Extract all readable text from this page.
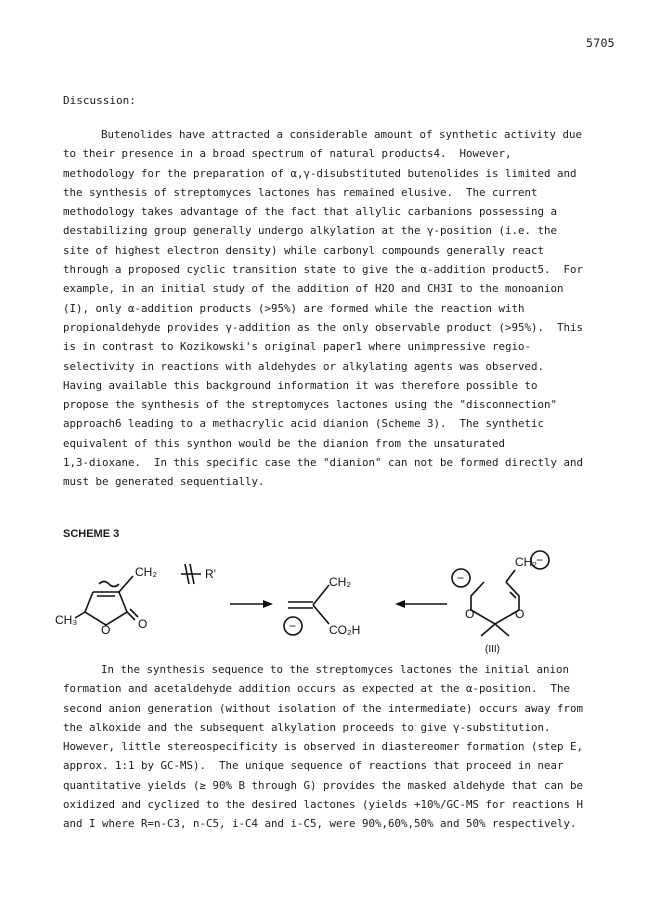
5705
Discussion:

Butenolides have attracted a considerable amount of synthetic activity due
to their presence in a broad spectrum of natural products4.  However,
methodology for the preparation of α,γ-disubstituted butenolides is limited and
the synthesis of streptomyces lactones has remained elusive.  The current
methodology takes advantage of the fact that allylic carbanions possessing a
destabilizing group generally undergo alkylation at the γ-position (i.e. the
site of highest electron density) while carbonyl compounds generally react
through a proposed cyclic transition state to give the α-addition product5.  For
example, in an initial study of the addition of H2O and CH3I to the monoanion
(I), only α-addition products (>95%) are formed while the reaction with
propionaldehyde provides γ-addition as the only observable product (>95%).  This
is in contrast to Kozikowski's original paper1 where unimpressive regio-
selectivity in reactions with aldehydes or alkylating agents was observed.
Having available this background information it was therefore possible to
propose the synthesis of the streptomyces lactones using the "disconnection"
approach6 leading to a methacrylic acid dianion (Scheme 3).  The synthetic
equivalent of this synthon would be the dianion from the unsaturated
1,3-dioxane.  In this specific case the "dianion" can not be formed directly and
must be generated sequentially.

SCHEME 3
CH₂	R'
CH₃
O O
CH₂
CO₂H
−
CH₂ −
−
O	O
(III)

In the synthesis sequence to the streptomyces lactones the initial anion
formation and acetaldehyde addition occurs as expected at the α-position.  The
second anion generation (without isolation of the intermediate) occurs away from
the alkoxide and the subsequent alkylation proceeds to give γ-substitution.
However, little stereospecificity is observed in diastereomer formation (step E,
approx. 1:1 by GC-MS).  The unique sequence of reactions that proceed in near
quantitative yields (≥ 90% B through G) provides the masked aldehyde that can be
oxidized and cyclized to the desired lactones (yields +10%/GC-MS for reactions H
and I where R=n-C3, n-C5, i-C4 and i-C5, were 90%,60%,50% and 50% respectively.
